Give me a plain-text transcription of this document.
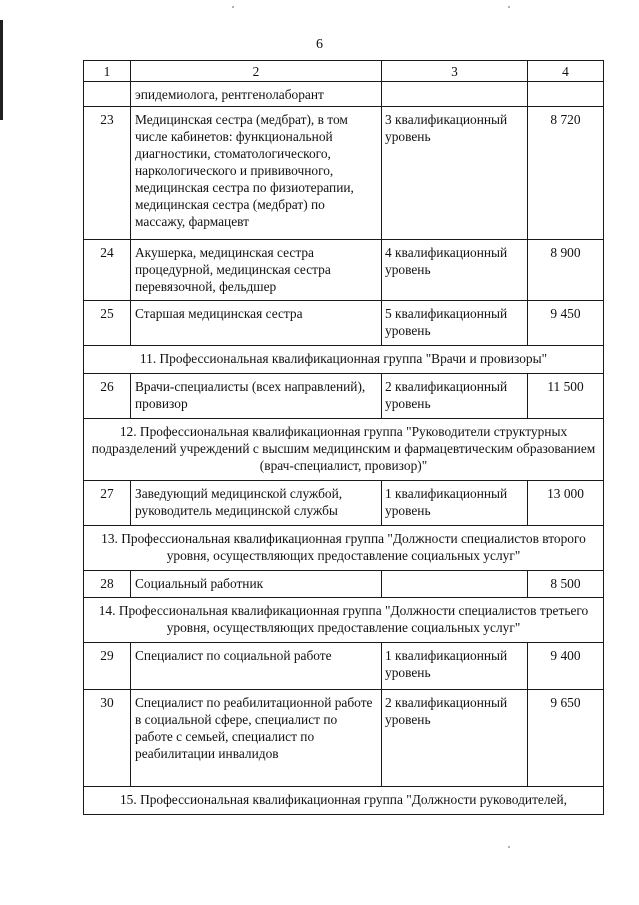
6
1	2	3	4
	эпидемиолога, рентгенолаборант		
23	Медицинская сестра (медбрат), в том числе кабинетов: функциональной диагностики, стоматологического, наркологического и прививочного, медицинская сестра по физиотерапии, медицинская сестра (медбрат) по массажу, фармацевт	3 квалификационный уровень	8 720
24	Акушерка, медицинская сестра процедурной, медицинская сестра перевязочной, фельдшер	4 квалификационный уровень	8 900
25	Старшая медицинская сестра	5 квалификационный уровень	9 450
11. Профессиональная квалификационная группа "Врачи и провизоры"			
26	Врачи-специалисты (всех направлений), провизор	2 квалификационный уровень	11 500
12. Профессиональная квалификационная группа "Руководители структурных подразделений учреждений с высшим медицинским и фармацевтическим образованием (врач-специалист, провизор)"			
27	Заведующий медицинской службой, руководитель медицинской службы	1 квалификационный уровень	13 000
13. Профессиональная квалификационная группа "Должности специалистов второго уровня, осуществляющих предоставление социальных услуг"			
28	Социальный работник		8 500
14. Профессиональная квалификационная группа "Должности специалистов третьего уровня, осуществляющих предоставление социальных услуг"			
29	Специалист по социальной работе	1 квалификационный уровень	9 400
30	Специалист по реабилитационной работе в социальной сфере, специалист по работе с семьей, специалист по реабилитации инвалидов	2 квалификационный уровень	9 650
15. Профессиональная квалификационная группа "Должности руководителей,			
